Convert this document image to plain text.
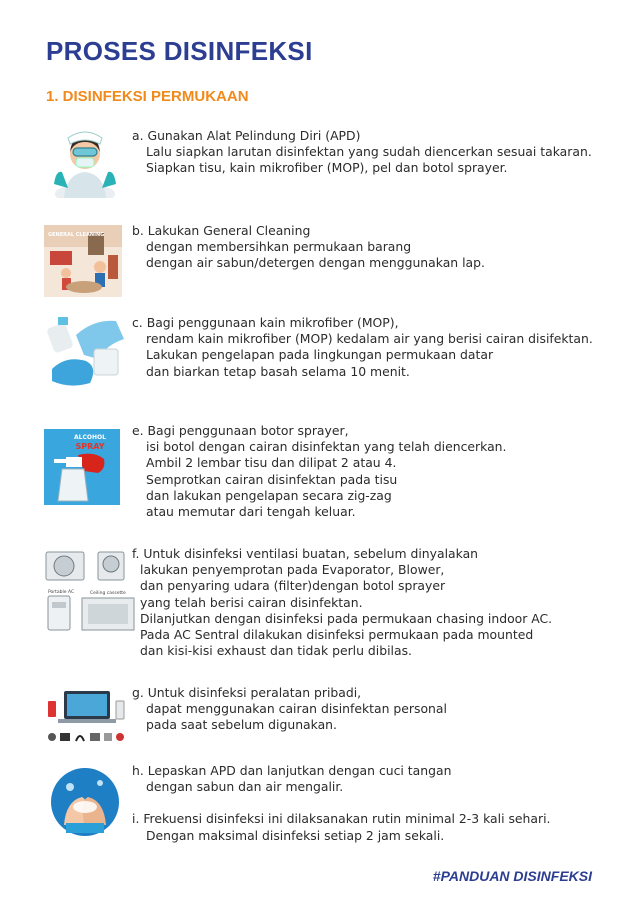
PROSES DISINFEKSI
1. DISINFEKSI PERMUKAAN
a. Gunakan Alat Pelindung Diri (APD)
Lalu siapkan larutan disinfektan yang sudah diencerkan sesuai takaran.
Siapkan tisu, kain mikrofiber (MOP), pel dan botol sprayer.
GENERAL CLEANING b. Lakukan General Cleaning
dengan membersihkan permukaan barang
dengan air sabun/detergen dengan menggunakan lap.
c. Bagi penggunaan kain mikrofiber (MOP),
rendam kain mikrofiber (MOP) kedalam air yang berisi cairan disifektan.
Lakukan pengelapan pada lingkungan permukaan datar
dan biarkan tetap basah selama 10 menit.
ALCOHOL
SPRAY
e. Bagi penggunaan botor sprayer,
isi botol dengan cairan disinfektan yang telah diencerkan.
Ambil 2 lembar tisu dan dilipat 2 atau 4.
Semprotkan cairan disinfektan pada tisu
dan lakukan pengelapan secara zig-zag
atau memutar dari tengah keluar.
Portable AC	Ceiling cassette
f. Untuk disinfeksi ventilasi buatan, sebelum dinyalakan
lakukan penyemprotan pada Evaporator, Blower,
dan penyaring udara (filter)dengan botol sprayer
yang telah berisi cairan disinfektan.
Dilanjutkan dengan disinfeksi pada permukaan chasing indoor AC.
Pada AC Sentral dilakukan disinfeksi permukaan pada mounted
dan kisi-kisi exhaust dan tidak perlu dibilas.
g. Untuk disinfeksi peralatan pribadi,
dapat menggunakan cairan disinfektan personal
pada saat sebelum digunakan.
h. Lepaskan APD dan lanjutkan dengan cuci tangan
dengan sabun dan air mengalir.
i. Frekuensi disinfeksi ini dilaksanakan rutin minimal 2-3 kali sehari.
Dengan maksimal disinfeksi setiap 2 jam sekali.
#PANDUAN DISINFEKSI
